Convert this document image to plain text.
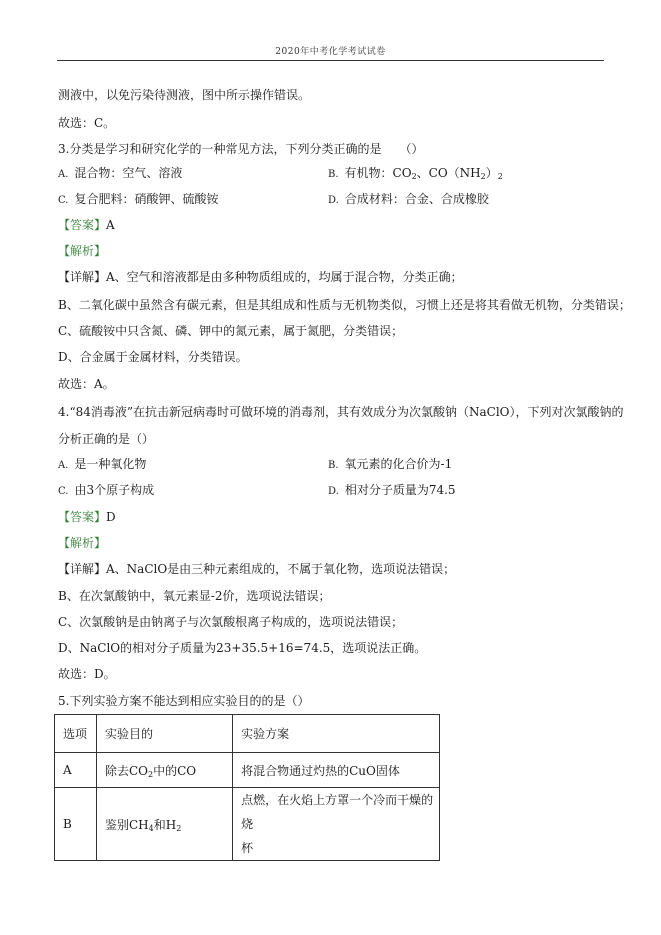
2020年中考化学考试试卷
测液中，以免污染待测液，图中所示操作错误。
故选：C。
3.分类是学习和研究化学的一种常见方法，下列分类正确的是　　（）
A. 混合物：空气、溶液	B. 有机物：$CO_2$、$CO(NH_2)_2$
C. 复合肥料：硝酸钾、硫酸铵	D. 合成材料：合金、合成橡胶
【答案】A
【解析】
【详解】A、空气和溶液都是由多种物质组成的，均属于混合物，分类正确；
B、二氧化碳中虽然含有碳元素，但是其组成和性质与无机物类似，习惯上还是将其看做无机物，分类错误；
C、硫酸铵中只含氮、磷、钾中的氮元素，属于氮肥，分类错误；
D、合金属于金属材料，分类错误。
故选：A。
4.“84消毒液”在抗击新冠病毒时可做环境的消毒剂，其有效成分为次氯酸钠（NaClO），下列对次氯酸钠的
分析正确的是（）
A. 是一种氧化物	B. 氧元素的化合价为-1
C. 由3个原子构成	D. 相对分子质量为74.5
【答案】D
【解析】
【详解】A、NaClO是由三种元素组成的，不属于氧化物，选项说法错误；
B、在次氯酸钠中，氧元素显-2价，选项说法错误；
C、次氯酸钠是由钠离子与次氯酸根离子构成的，选项说法错误；
D、NaClO的相对分子质量为23+35.5+16=74.5，选项说法正确。
故选：D。
5.下列实验方案不能达到相应实验目的的是（）
选项	实验目的	实验方案
A	除去$CO_2$中的CO	将混合物通过灼热的CuO固体
B	鉴别$CH_4$和$H_2$	点燃，在火焰上方罩一个冷而干燥的烧
杯
